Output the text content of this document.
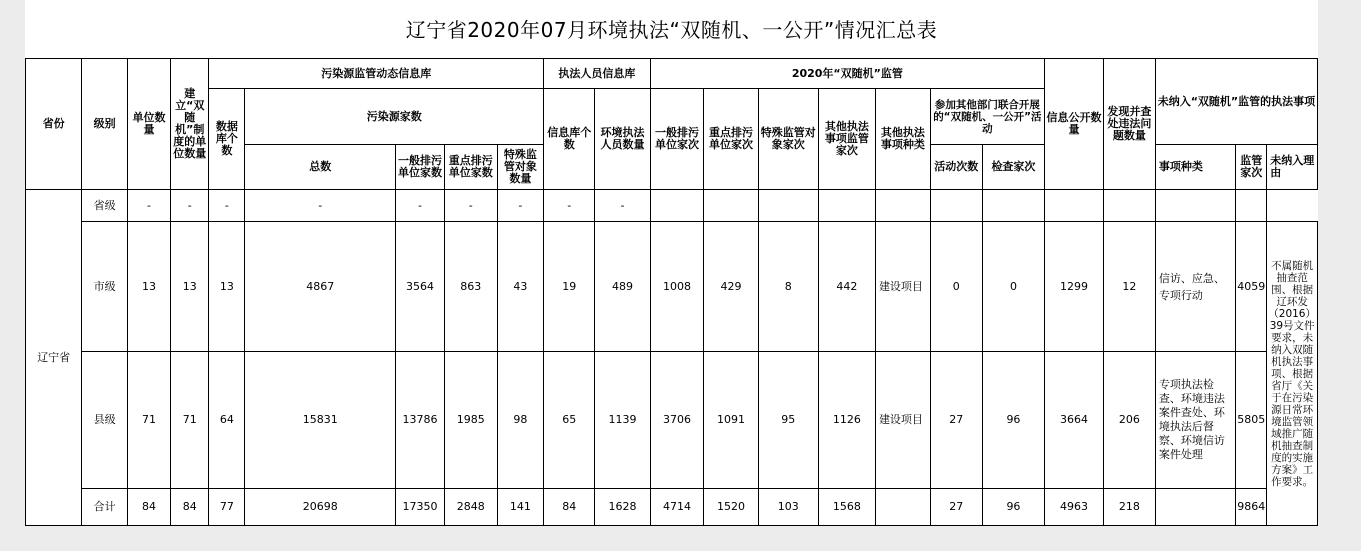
辽宁省2020年07月环境执法“双随机、一公开”情况汇总表
省份	级别	单位数量	建立“双随机”制度的单位数量	污染源监管动态信息库					执法人员信息库		2020年“双随机”监管							信息公开数量	发现并查处违法问题数量	未纳入“双随机”监管的执法事项		
				数据库个数	污染源家数				信息库个数	环境执法人员数量	一般排污单位家次	重点排污单位家次	特殊监管对象家次	其他执法事项监管家次	其他执法事项种类	参加其他部门联合开展的“双随机、一公开”活动						

					总数	一般排污单位家数	重点排污单位家数	特殊监管对象数量								活动次数	检查家次			事项种类	监管家次	未纳入理由
辽宁省	省级	-	-	-	-	-	-	-	-	-												
	市级	13	13	13	4867	3564	863	43	19	489	1008	429	8	442	建设项目	0	0	1299	12	信访、应急、专项行动	4059	不属随机抽查范围、根据辽环发（2016）39号文件要求，未纳入双随机执法事项、根据省厅《关于在污染源日常环境监管领域推广随机抽查制度的实施方案》工作要求。
	县级	71	71	64	15831	13786	1985	98	65	1139	3706	1091	95	1126	建设项目	27	96	3664	206	专项执法检查、环境违法案件查处、环境执法后督察、环境信访案件处理	5805	
	合计	84	84	77	20698	17350	2848	141	84	1628	4714	1520	103	1568		27	96	4963	218		9864	
